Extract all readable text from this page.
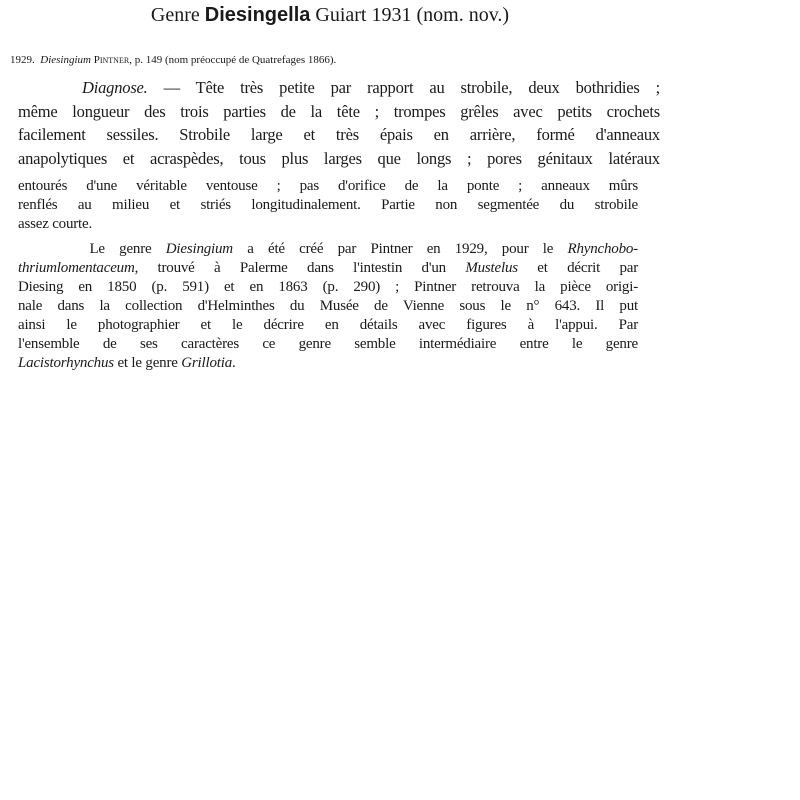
Genre Diesingella Guiart 1931 (nom. nov.)
1929.  Diesingium Pintner, p. 149 (nom préoccupé de Quatrefages 1866).
Diagnose. — Tête très petite par rapport au strobile, deux bothridies ;
même longueur des trois parties de la tête ; trompes grêles avec petits crochets
facilement sessiles. Strobile large et très épais en arrière, formé d'anneaux
anapolytiques et acraspèdes, tous plus larges que longs ; pores génitaux latéraux
entourés d'une véritable ventouse ; pas d'orifice de la ponte ; anneaux mûrs
renflés au milieu et striés longitudinalement. Partie non segmentée du strobile
assez courte.
Le genre Diesingium a été créé par Pintner en 1929, pour le Rhynchobo-
thriumlomentaceum, trouvé à Palerme dans l'intestin d'un Mustelus et décrit par
Diesing en 1850 (p. 591) et en 1863 (p. 290) ; Pintner retrouva la pièce origi-
nale dans la collection d'Helminthes du Musée de Vienne sous le n° 643. Il put
ainsi le photographier et le décrire en détails avec figures à l'appui. Par
l'ensemble de ses caractères ce genre semble intermédiaire entre le genre
Lacistorhynchus et le genre Grillotia.
